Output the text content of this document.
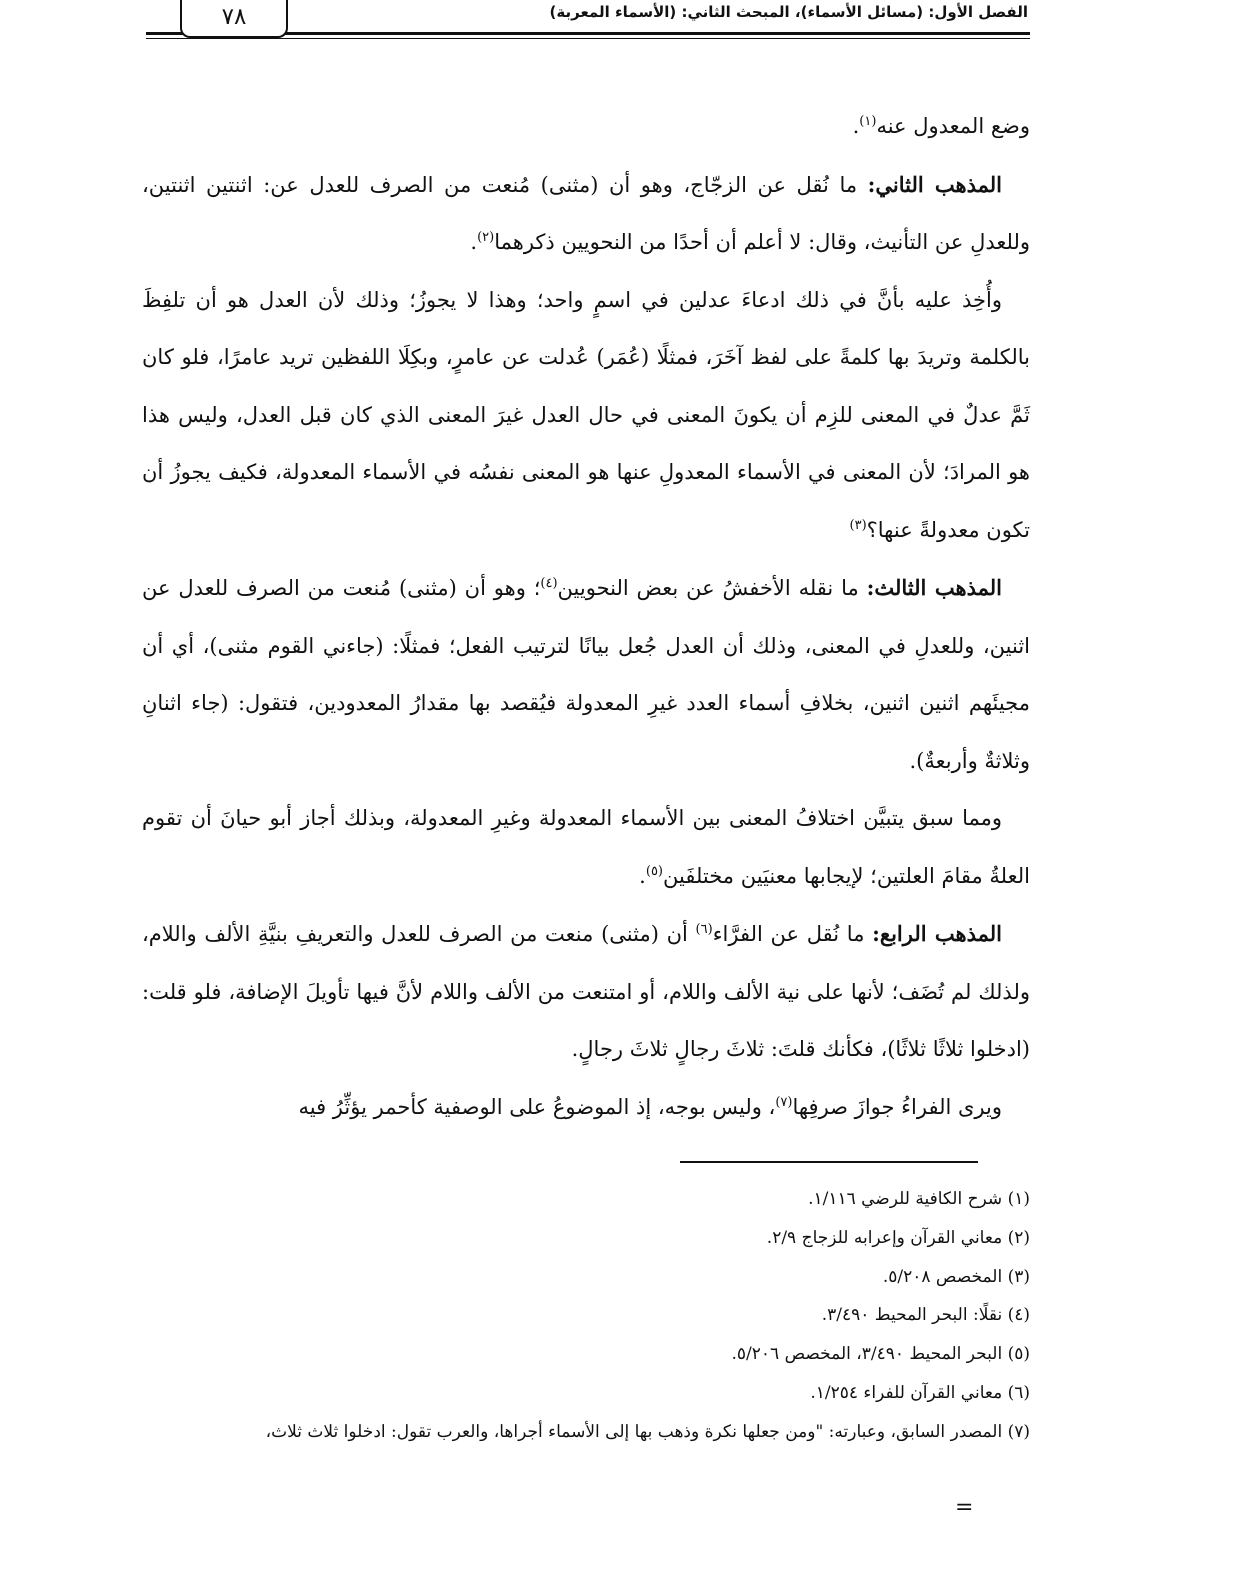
الفصل الأول: (مسائل الأسماء)، المبحث الثاني: (الأسماء المعربة)
٧٨

وضع المعدول عنه$^{(١)}$.

المذهب الثاني: ما نُقل عن الزجّاج، وهو أن (مثنى) مُنعت من الصرف للعدل عن: اثنتين اثنتين، وللعدلِ عن التأنيث، وقال: لا أعلم أن أحدًا من النحويين ذكرهما$^{(٢)}$.

وأُخِذ عليه بأنَّ في ذلك ادعاءَ عدلين في اسمٍ واحد؛ وهذا لا يجوزُ؛ وذلك لأن العدل هو أن تلفِظَ بالكلمة وتريدَ بها كلمةً على لفظ آخَرَ، فمثلًا (عُمَر) عُدلت عن عامرٍ، وبكِلَا اللفظين تريد عامرًا، فلو كان ثَمَّ عدلٌ في المعنى للزِم أن يكونَ المعنى في حال العدل غيرَ المعنى الذي كان قبل العدل، وليس هذا هو المرادَ؛ لأن المعنى في الأسماء المعدولِ عنها هو المعنى نفسُه في الأسماء المعدولة، فكيف يجوزُ أن تكون معدولةً عنها؟$^{(٣)}$

المذهب الثالث: ما نقله الأخفشُ عن بعض النحويين$^{(٤)}$؛ وهو أن (مثنى) مُنعت من الصرف للعدل عن اثنين، وللعدلِ في المعنى، وذلك أن العدل جُعل بيانًا لترتيب الفعل؛ فمثلًا: (جاءني القوم مثنى)، أي أن مجيئَهم اثنين اثنين، بخلافِ أسماء العدد غيرِ المعدولة فيُقصد بها مقدارُ المعدودين، فتقول: (جاء اثنانِ وثلاثةٌ وأربعةٌ).

ومما سبق يتبيَّن اختلافُ المعنى بين الأسماء المعدولة وغيرِ المعدولة، وبذلك أجاز أبو حيانَ أن تقوم العلةُ مقامَ العلتين؛ لإيجابها معنيَين مختلفَين$^{(٥)}$.

المذهب الرابع: ما نُقل عن الفرَّاء$^{(٦)}$ أن (مثنى) منعت من الصرف للعدل والتعريفِ بنيَّةِ الألف واللام، ولذلك لم تُضَف؛ لأنها على نية الألف واللام، أو امتنعت من الألف واللام لأنَّ فيها تأويلَ الإضافة، فلو قلت: (ادخلوا ثلاثًا ثلاثًا)، فكأنك قلتَ: ثلاثَ رجالٍ ثلاثَ رجالٍ.

ويرى الفراءُ جوازَ صرفِها$^{(٧)}$، وليس بوجه، إذ الموضوعُ على الوصفية كأحمر يؤثِّرُ فيه

(١) شرح الكافية للرضي ١/١١٦.
(٢) معاني القرآن وإعرابه للزجاج ٢/٩.
(٣) المخصص ٥/٢٠٨.
(٤) نقلًا: البحر المحيط ٣/٤٩٠.
(٥) البحر المحيط ٣/٤٩٠، المخصص ٥/٢٠٦.
(٦) معاني القرآن للفراء ١/٢٥٤.
(٧) المصدر السابق، وعبارته: "ومن جعلها نكرة وذهب بها إلى الأسماء أجراها، والعرب تقول: ادخلوا ثلاث ثلاث،
=
